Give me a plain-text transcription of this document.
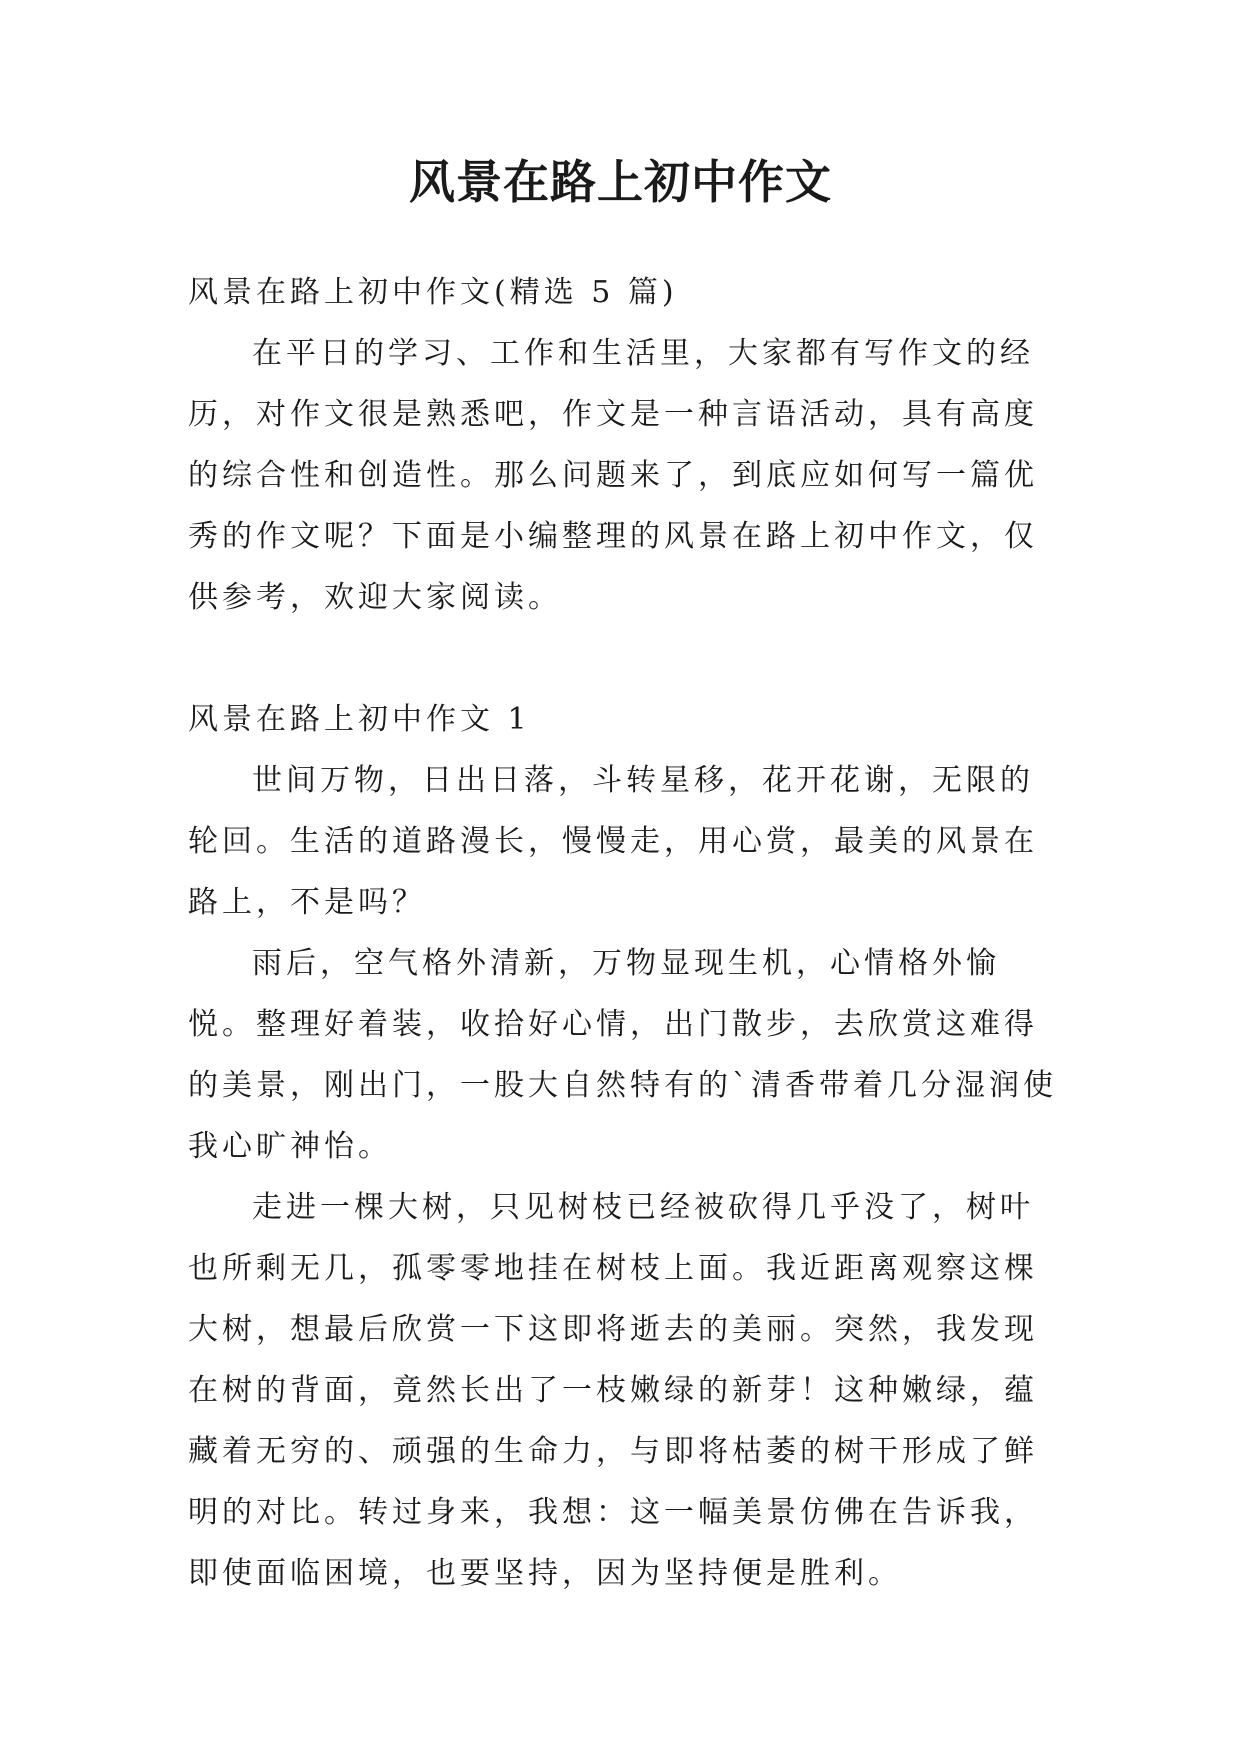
风景在路上初中作文

风景在路上初中作文(精选 5 篇)

在平日的学习、工作和生活里，大家都有写作文的经历，对作文很是熟悉吧，作文是一种言语活动，具有高度的综合性和创造性。那么问题来了，到底应如何写一篇优秀的作文呢？下面是小编整理的风景在路上初中作文，仅供参考，欢迎大家阅读。

风景在路上初中作文 1

世间万物，日出日落，斗转星移，花开花谢，无限的轮回。生活的道路漫长，慢慢走，用心赏，最美的风景在路上，不是吗？

雨后，空气格外清新，万物显现生机，心情格外愉悦。整理好着装，收拾好心情，出门散步，去欣赏这难得的美景，刚出门，一股大自然特有的`清香带着几分湿润使我心旷神怡。

走进一棵大树，只见树枝已经被砍得几乎没了，树叶也所剩无几，孤零零地挂在树枝上面。我近距离观察这棵大树，想最后欣赏一下这即将逝去的美丽。突然，我发现在树的背面，竟然长出了一枝嫩绿的新芽！这种嫩绿，蕴藏着无穷的、顽强的生命力，与即将枯萎的树干形成了鲜明的对比。转过身来，我想：这一幅美景仿佛在告诉我，即使面临困境，也要坚持，因为坚持便是胜利。
